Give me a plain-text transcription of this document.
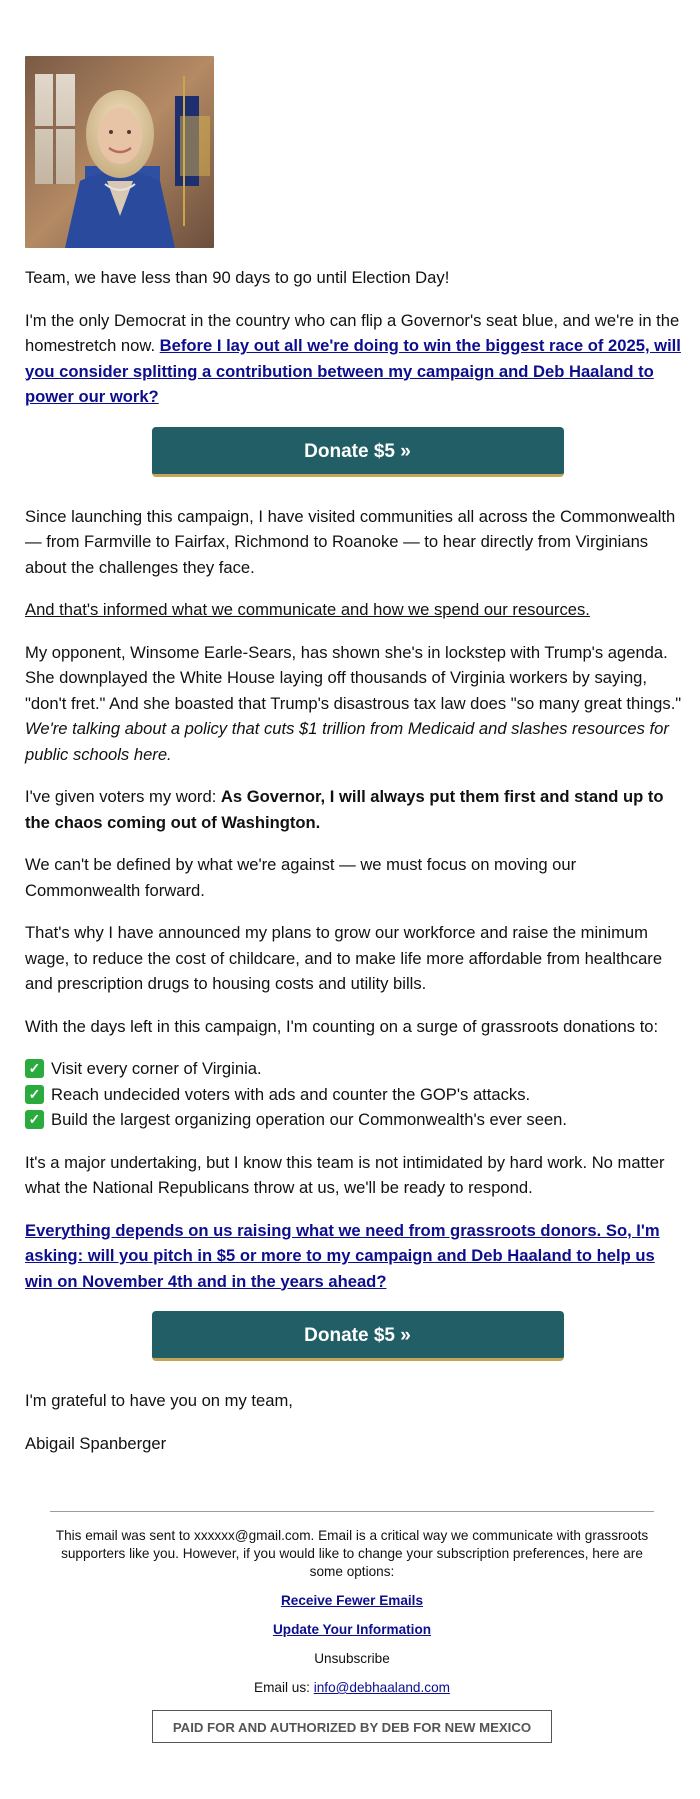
Team, we have less than 90 days to go until Election Day!

I'm the only Democrat in the country who can flip a Governor's seat blue, and we're in the homestretch now. Before I lay out all we're doing to win the biggest race of 2025, will you consider splitting a contribution between my campaign and Deb Haaland to power our work?

Donate $5 »

Since launching this campaign, I have visited communities all across the Commonwealth — from Farmville to Fairfax, Richmond to Roanoke — to hear directly from Virginians about the challenges they face.

And that's informed what we communicate and how we spend our resources.

My opponent, Winsome Earle-Sears, has shown she's in lockstep with Trump's agenda. She downplayed the White House laying off thousands of Virginia workers by saying, "don't fret." And she boasted that Trump's disastrous tax law does "so many great things." We're talking about a policy that cuts $1 trillion from Medicaid and slashes resources for public schools here.

I've given voters my word: As Governor, I will always put them first and stand up to the chaos coming out of Washington.

We can't be defined by what we're against — we must focus on moving our Commonwealth forward.

That's why I have announced my plans to grow our workforce and raise the minimum wage, to reduce the cost of childcare, and to make life more affordable from healthcare and prescription drugs to housing costs and utility bills.

With the days left in this campaign, I'm counting on a surge of grassroots donations to:

✓ Visit every corner of Virginia.
✓ Reach undecided voters with ads and counter the GOP's attacks.
✓ Build the largest organizing operation our Commonwealth's ever seen.

It's a major undertaking, but I know this team is not intimidated by hard work. No matter what the National Republicans throw at us, we'll be ready to respond.

Everything depends on us raising what we need from grassroots donors. So, I'm asking: will you pitch in $5 or more to my campaign and Deb Haaland to help us win on November 4th and in the years ahead?

Donate $5 »

I'm grateful to have you on my team,

Abigail Spanberger

This email was sent to xxxxxx@gmail.com. Email is a critical way we communicate with grassroots supporters like you. However, if you would like to change your subscription preferences, here are some options:

Receive Fewer Emails

Update Your Information

Unsubscribe

Email us: info@debhaaland.com

PAID FOR AND AUTHORIZED BY DEB FOR NEW MEXICO
